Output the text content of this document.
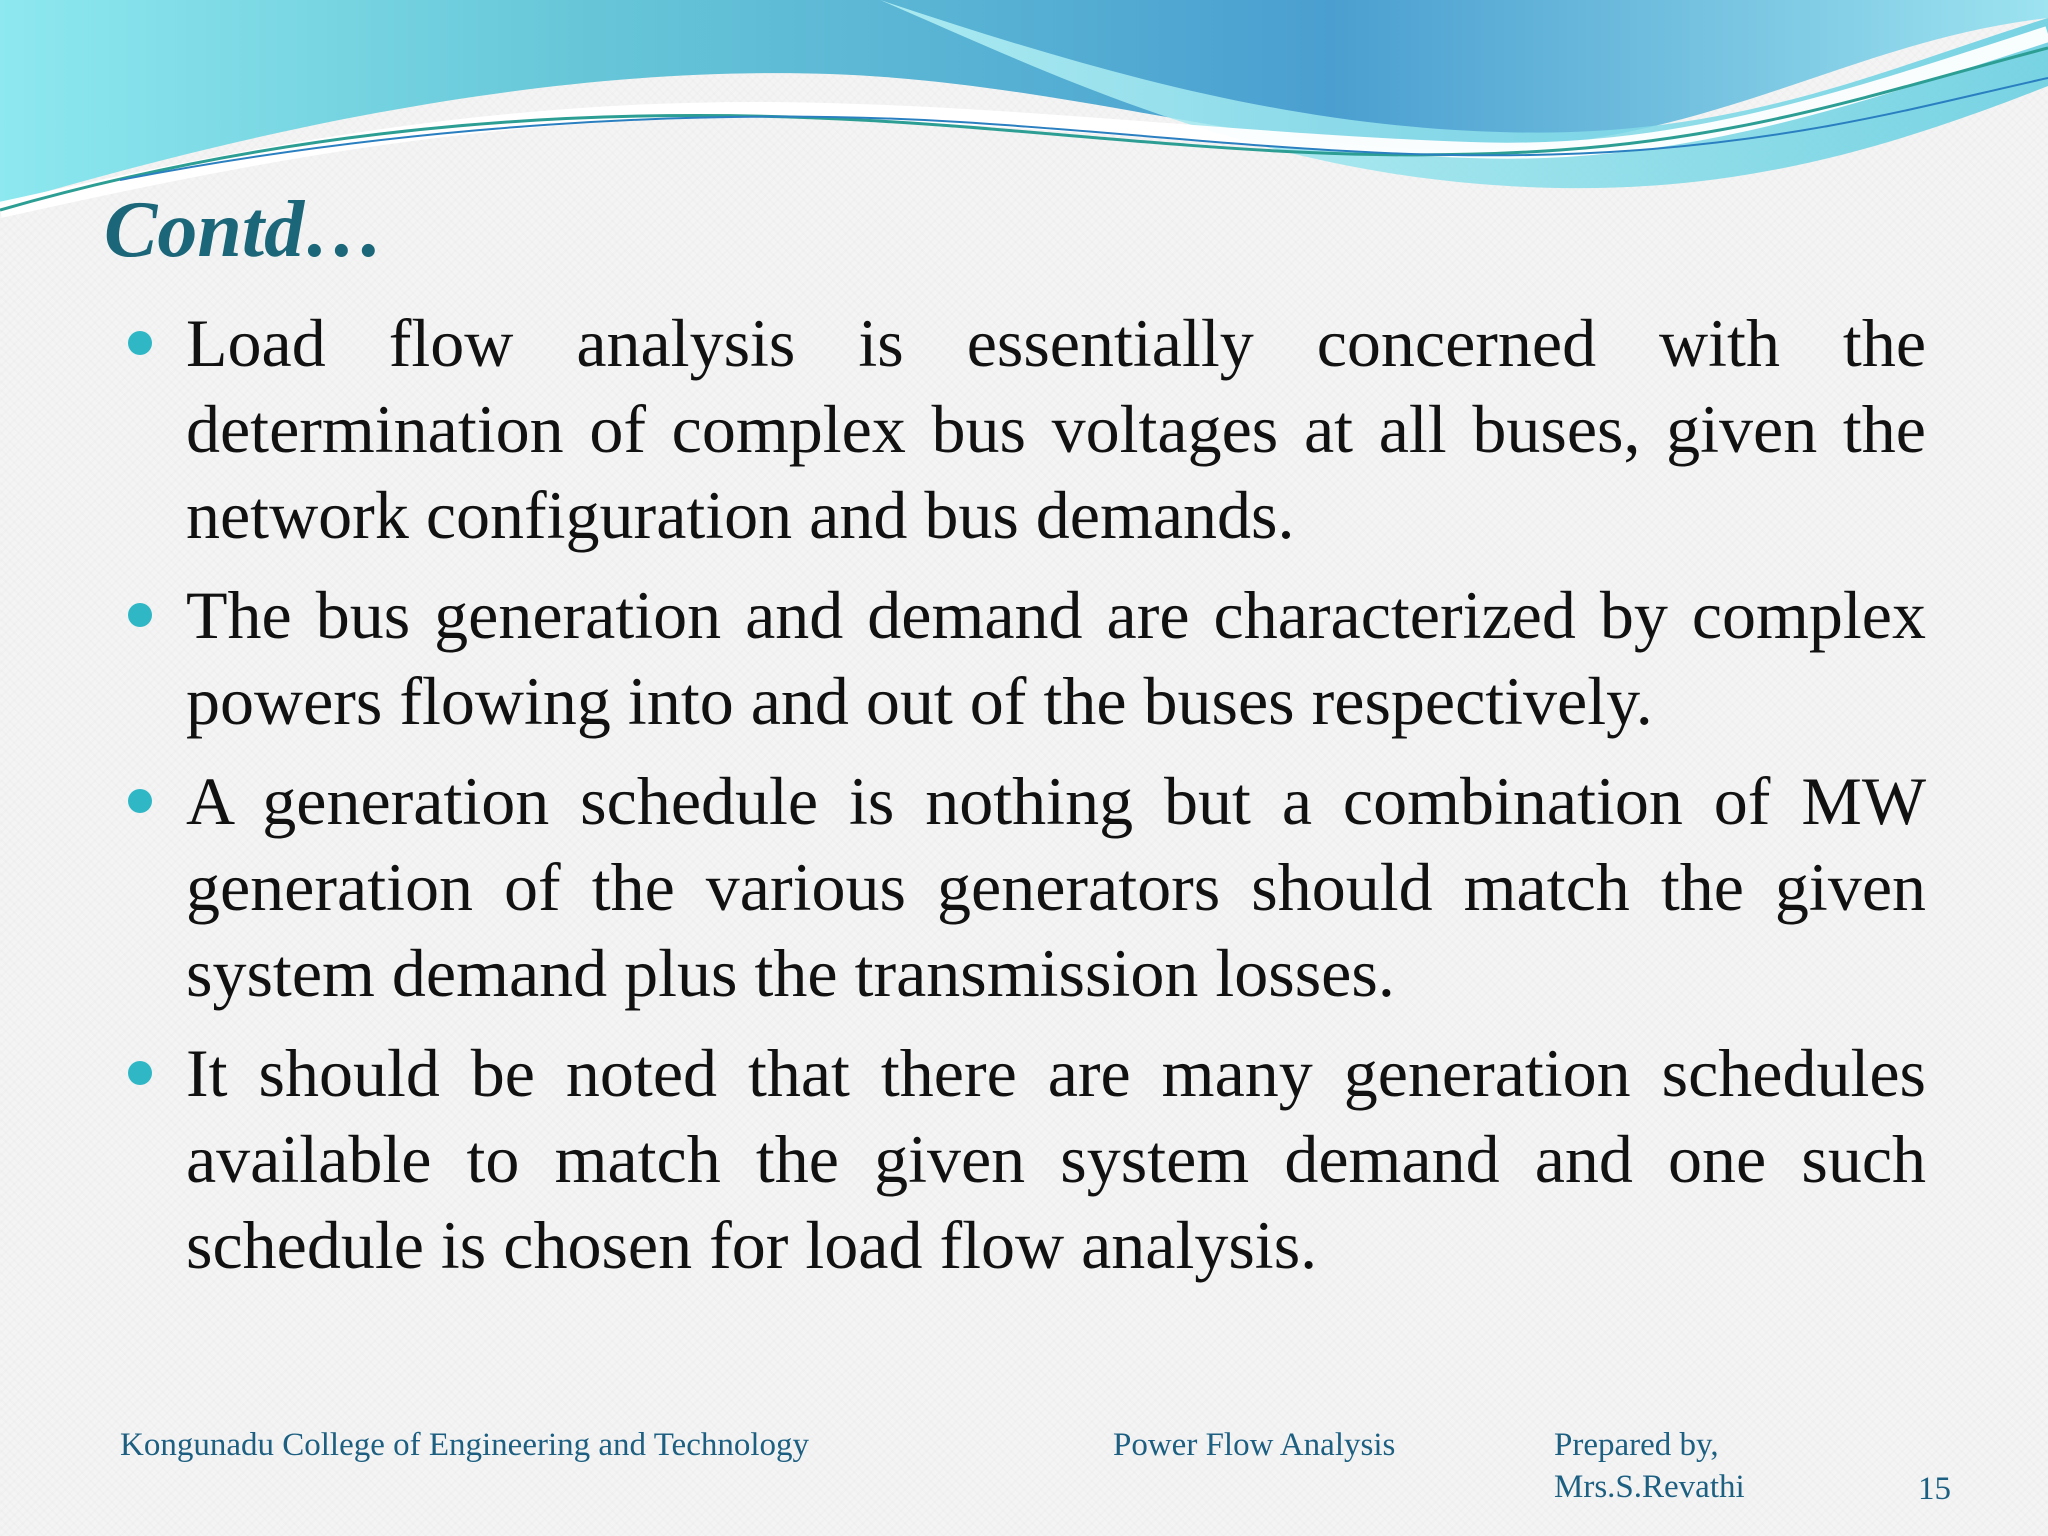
Contd…
Load flow analysis is essentially concerned with the determination of complex bus voltages at all buses, given the network configuration and bus demands.
The bus generation and demand are characterized by complex powers flowing into and out of the buses respectively.
A generation schedule is nothing but a combination of MW generation of the various generators should match the given system demand plus the transmission losses.
It should be noted that there are many generation schedules available to match the given system demand and one such schedule is chosen for load flow analysis.
Kongunadu College of Engineering and Technology	Power Flow Analysis	Prepared by,
Mrs.S.Revathi	15
